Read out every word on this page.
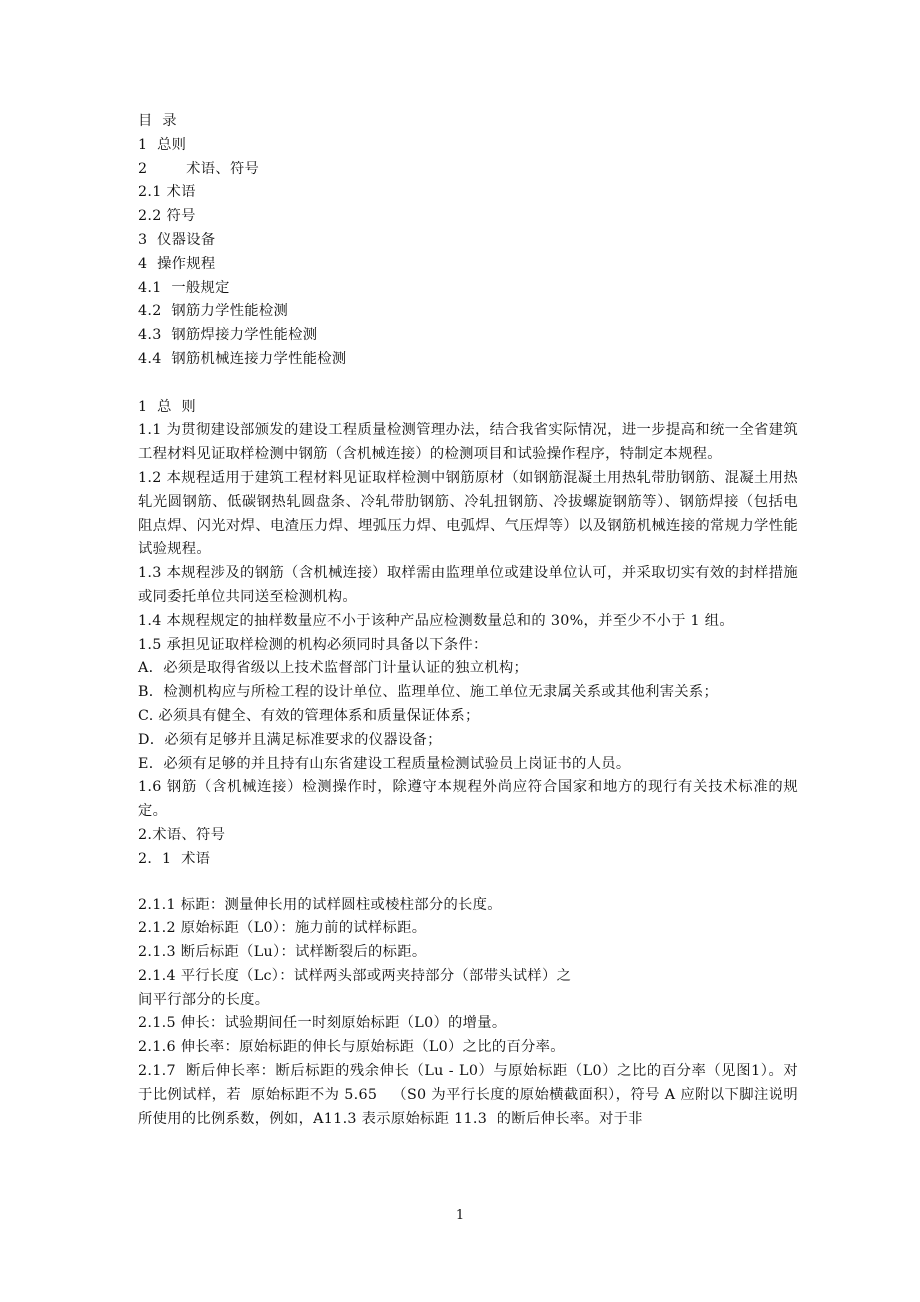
目  录

1  总则

2        术语、符号

2.1 术语

2.2 符号

3  仪器设备

4  操作规程

4.1  一般规定

4.2  钢筋力学性能检测

4.3  钢筋焊接力学性能检测

4.4  钢筋机械连接力学性能检测

1  总  则

1.1 为贯彻建设部颁发的建设工程质量检测管理办法，结合我省实际情况，进一步提高和统一全省建筑工程材料见证取样检测中钢筋（含机械连接）的检测项目和试验操作程序，特制定本规程。

1.2 本规程适用于建筑工程材料见证取样检测中钢筋原材（如钢筋混凝土用热轧带肋钢筋、混凝土用热轧光圆钢筋、低碳钢热轧圆盘条、冷轧带肋钢筋、冷轧扭钢筋、冷拔螺旋钢筋等）、钢筋焊接（包括电阻点焊、闪光对焊、电渣压力焊、埋弧压力焊、电弧焊、气压焊等）以及钢筋机械连接的常规力学性能试验规程。

1.3 本规程涉及的钢筋（含机械连接）取样需由监理单位或建设单位认可，并采取切实有效的封样措施或同委托单位共同送至检测机构。

1.4 本规程规定的抽样数量应不小于该种产品应检测数量总和的 30%，并至少不小于 1 组。

1.5 承担见证取样检测的机构必须同时具备以下条件：

A．必须是取得省级以上技术监督部门计量认证的独立机构；

B．检测机构应与所检工程的设计单位、监理单位、施工单位无隶属关系或其他利害关系；

C. 必须具有健全、有效的管理体系和质量保证体系；

D．必须有足够并且满足标准要求的仪器设备；

E．必须有足够的并且持有山东省建设工程质量检测试验员上岗证书的人员。

1.6 钢筋（含机械连接）检测操作时，除遵守本规程外尚应符合国家和地方的现行有关技术标准的规定。

2.术语、符号

2．1  术语

2.1.1 标距：测量伸长用的试样圆柱或棱柱部分的长度。

2.1.2 原始标距（L0）：施力前的试样标距。

2.1.3 断后标距（Lu）：试样断裂后的标距。

2.1.4 平行长度（Lc）：试样两头部或两夹持部分（部带头试样）之

间平行部分的长度。

2.1.5 伸长：试验期间任一时刻原始标距（L0）的增量。

2.1.6 伸长率：原始标距的伸长与原始标距（L0）之比的百分率。

2.1.7  断后伸长率：断后标距的残余伸长（Lu - L0）与原始标距（L0）之比的百分率（见图1）。对于比例试样，若  原始标距不为 5.65   （S0 为平行长度的原始横截面积），符号 A 应附以下脚注说明所使用的比例系数，例如，A11.3 表示原始标距 11.3  的断后伸长率。对于非

1
